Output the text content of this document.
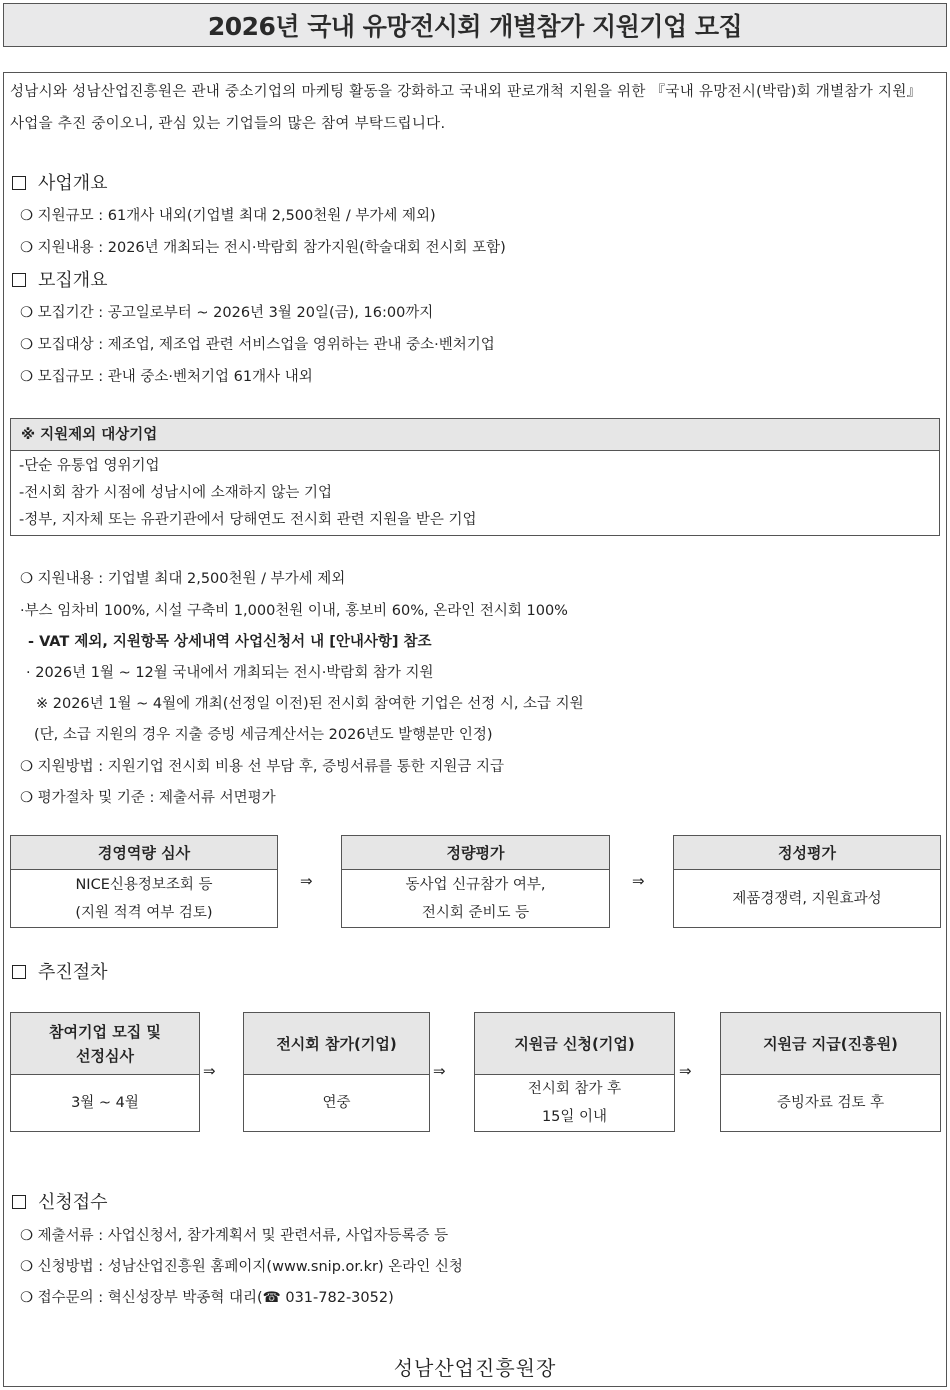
2026년 국내 유망전시회 개별참가 지원기업 모집
성남시와 성남산업진흥원은 관내 중소기업의 마케팅 활동을 강화하고 국내외 판로개척 지원을 위한 『국내 유망전시(박람)회 개별참가 지원』 사업을 추진 중이오니, 관심 있는 기업들의 많은 참여 부탁드립니다.
사업개요
❍ 지원규모 : 61개사 내외(기업별 최대 2,500천원 / 부가세 제외)
❍ 지원내용 : 2026년 개최되는 전시·박람회 참가지원(학술대회 전시회 포함)
모집개요
❍ 모집기간 : 공고일로부터 ~ 2026년 3월 20일(금), 16:00까지
❍ 모집대상 : 제조업, 제조업 관련 서비스업을 영위하는 관내 중소·벤처기업
❍ 모집규모 : 관내 중소·벤처기업 61개사 내외
※ 지원제외 대상기업
-단순 유통업 영위기업
-전시회 참가 시점에 성남시에 소재하지 않는 기업
-정부, 지자체 또는 유관기관에서 당해연도 전시회 관련 지원을 받은 기업
❍ 지원내용 : 기업별 최대 2,500천원 / 부가세 제외
·부스 임차비 100%, 시설 구축비 1,000천원 이내, 홍보비 60%, 온라인 전시회 100%
- VAT 제외, 지원항목 상세내역 사업신청서 내 [안내사항] 참조
· 2026년 1월 ~ 12월 국내에서 개최되는 전시·박람회 참가 지원
※ 2026년 1월 ~ 4월에 개최(선정일 이전)된 전시회 참여한 기업은 선정 시, 소급 지원
(단, 소급 지원의 경우 지출 증빙 세금계산서는 2026년도 발행분만 인정)
❍ 지원방법 : 지원기업 전시회 비용 선 부담 후, 증빙서류를 통한 지원금 지급
❍ 평가절차 및 기준 : 제출서류 서면평가
경영역량 심사
NICE신용정보조회 등
(지원 적격 여부 검토)
⇒
정량평가
동사업 신규참가 여부,
전시회 준비도 등
⇒
정성평가
제품경쟁력, 지원효과성
추진절차
참여기업 모집 및
선정심사
3월 ~ 4월
⇒
전시회 참가(기업)
연중
⇒
지원금 신청(기업)
전시회 참가 후
15일 이내
⇒
지원금 지급(진흥원)
증빙자료 검토 후
신청접수
❍ 제출서류 : 사업신청서, 참가계획서 및 관련서류, 사업자등록증 등
❍ 신청방법 : 성남산업진흥원 홈페이지(www.snip.or.kr) 온라인 신청
❍ 접수문의 : 혁신성장부 박종혁 대리(☎ 031-782-3052)
성남산업진흥원장
